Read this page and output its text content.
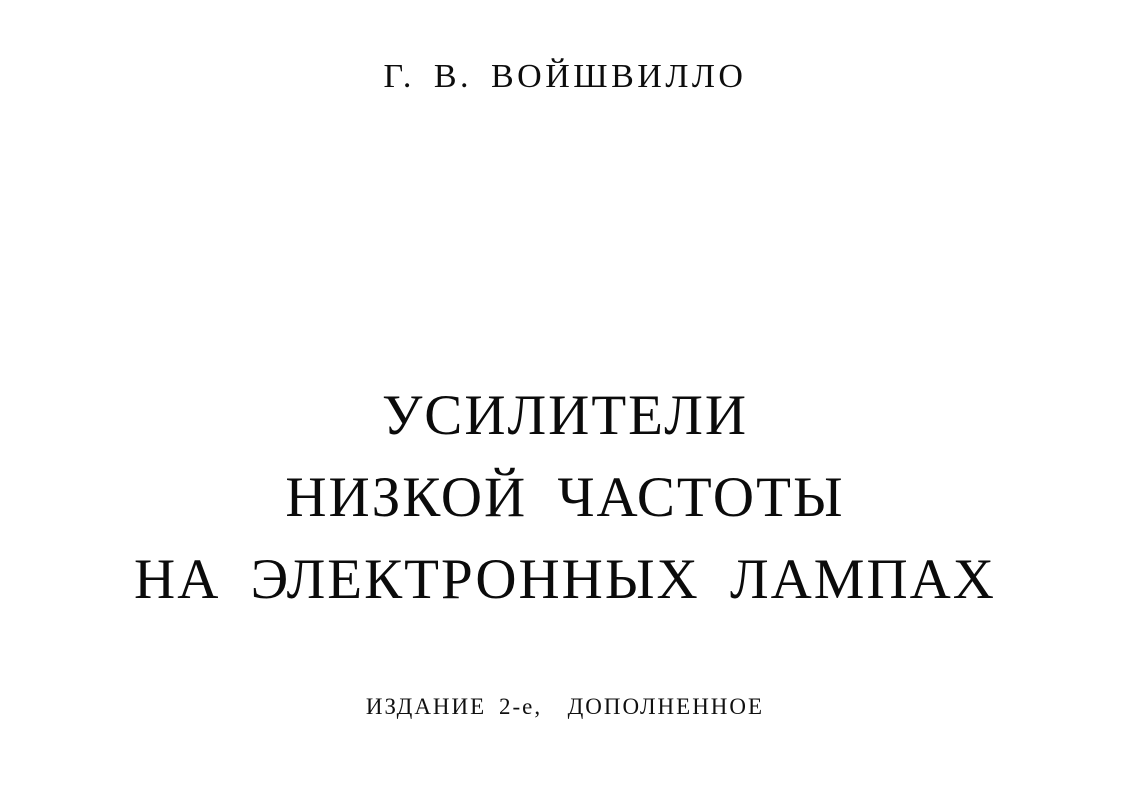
Г. В. ВОЙШВИЛЛО
УСИЛИТЕЛИ
НИЗКОЙ ЧАСТОТЫ
НА ЭЛЕКТРОННЫХ ЛАМПАХ
ИЗДАНИЕ 2-е,  ДОПОЛНЕННОЕ
